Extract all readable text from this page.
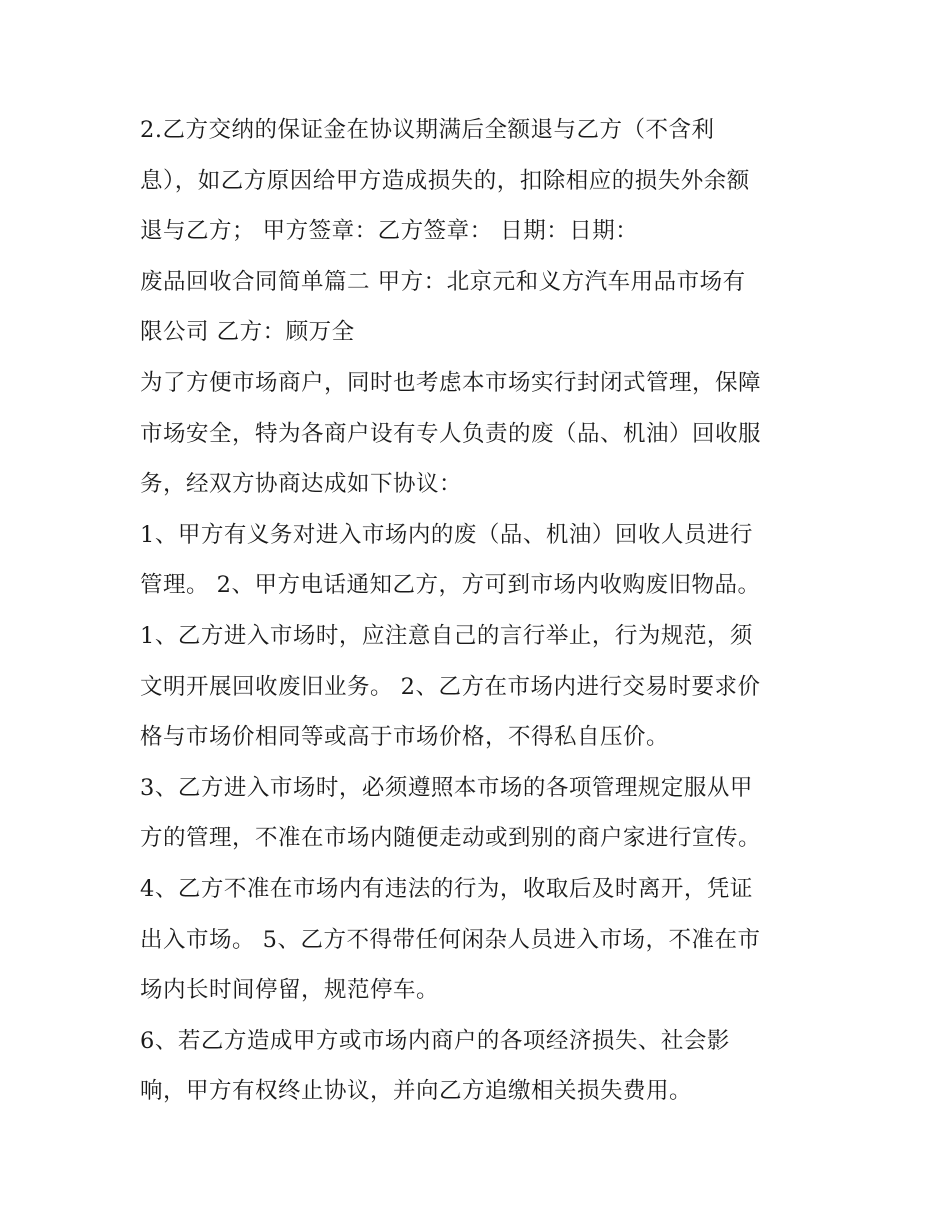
2.乙方交纳的保证金在协议期满后全额退与乙方（不含利
息），如乙方原因给甲方造成损失的，扣除相应的损失外余额
退与乙方； 甲方签章：乙方签章： 日期：日期：
废品回收合同简单篇二 甲方：北京元和义方汽车用品市场有
限公司 乙方：顾万全
为了方便市场商户，同时也考虑本市场实行封闭式管理，保障
市场安全，特为各商户设有专人负责的废（品、机油）回收服
务，经双方协商达成如下协议：
1、甲方有义务对进入市场内的废（品、机油）回收人员进行
管理。 2、甲方电话通知乙方，方可到市场内收购废旧物品。
1、乙方进入市场时，应注意自己的言行举止，行为规范，须
文明开展回收废旧业务。 2、乙方在市场内进行交易时要求价
格与市场价相同等或高于市场价格，不得私自压价。
3、乙方进入市场时，必须遵照本市场的各项管理规定服从甲
方的管理，不准在市场内随便走动或到别的商户家进行宣传。
4、乙方不准在市场内有违法的行为，收取后及时离开，凭证
出入市场。 5、乙方不得带任何闲杂人员进入市场，不准在市
场内长时间停留，规范停车。
6、若乙方造成甲方或市场内商户的各项经济损失、社会影
响，甲方有权终止协议，并向乙方追缴相关损失费用。
